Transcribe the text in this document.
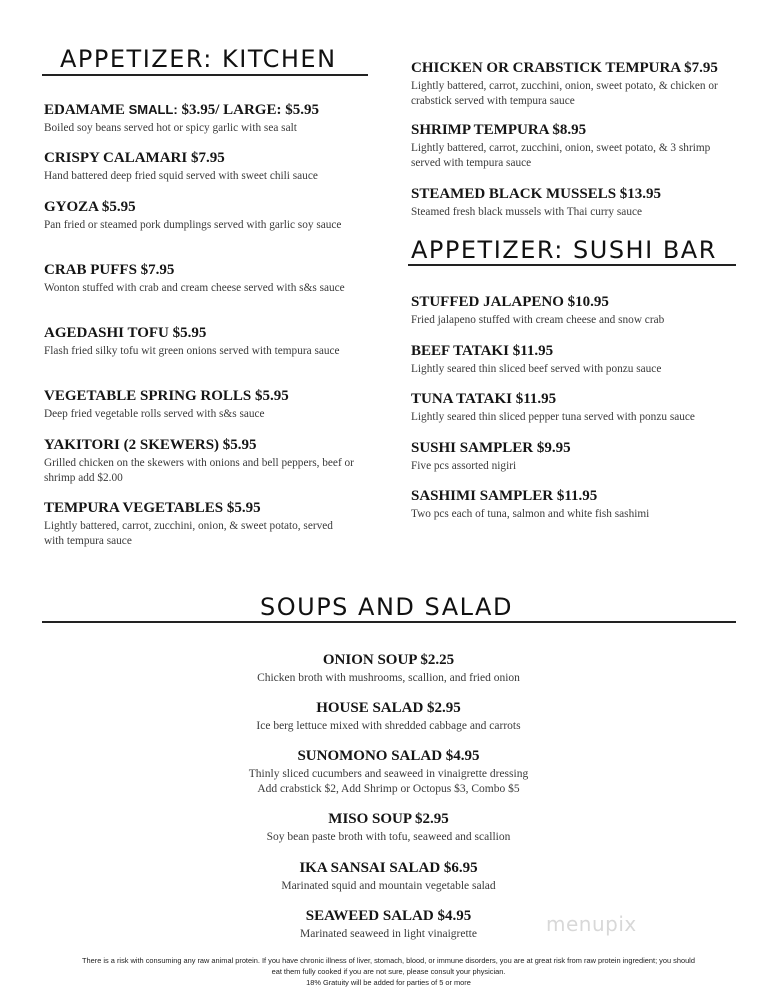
APPETIZER: KITCHEN
EDAMAME SMALL: $3.95/ LARGE: $5.95
Boiled soy beans served hot or spicy garlic with sea salt
CRISPY CALAMARI $7.95
Hand battered deep fried squid served with sweet chili sauce
GYOZA $5.95
Pan fried or steamed pork dumplings served with garlic soy sauce
CRAB PUFFS $7.95
Wonton stuffed with crab and cream cheese served with s&s sauce
AGEDASHI TOFU $5.95
Flash fried silky tofu wit green onions served with tempura sauce
VEGETABLE SPRING ROLLS $5.95
Deep fried vegetable rolls served with s&s sauce
YAKITORI (2 SKEWERS) $5.95
Grilled chicken on the skewers with onions and bell peppers, beef or shrimp add $2.00
TEMPURA VEGETABLES $5.95
Lightly battered, carrot, zucchini, onion, & sweet potato, served with tempura sauce
CHICKEN OR CRABSTICK TEMPURA $7.95
Lightly battered, carrot, zucchini, onion, sweet potato, & chicken or crabstick served with tempura sauce
SHRIMP TEMPURA $8.95
Lightly battered, carrot, zucchini, onion, sweet potato, & 3 shrimp served with tempura sauce
STEAMED BLACK MUSSELS $13.95
Steamed fresh black mussels with Thai curry sauce
APPETIZER: SUSHI BAR
STUFFED JALAPENO $10.95
Fried jalapeno stuffed with cream cheese and snow crab
BEEF TATAKI $11.95
Lightly seared thin sliced beef served with ponzu sauce
TUNA TATAKI $11.95
Lightly seared thin sliced pepper tuna served with ponzu sauce
SUSHI SAMPLER $9.95
Five pcs assorted nigiri
SASHIMI SAMPLER $11.95
Two pcs each of tuna, salmon and white fish sashimi
SOUPS AND SALAD
ONION SOUP $2.25
Chicken broth with mushrooms, scallion, and fried onion
HOUSE SALAD $2.95
Ice berg lettuce mixed with shredded cabbage and carrots
SUNOMONO SALAD $4.95
Thinly sliced cucumbers and seaweed in vinaigrette dressing
Add crabstick $2, Add Shrimp or Octopus $3, Combo $5
MISO SOUP $2.95
Soy bean paste broth with tofu, seaweed and scallion
IKA SANSAI SALAD $6.95
Marinated squid and mountain vegetable salad
SEAWEED SALAD $4.95
Marinated seaweed in light vinaigrette	menupix
There is a risk with consuming any raw animal protein. If you have chronic illness of liver, stomach, blood, or immune disorders, you are at great risk from raw protein ingredient; you should
eat them fully cooked if you are not sure, please consult your physician.
18% Gratuity will be added for parties of 5 or more
